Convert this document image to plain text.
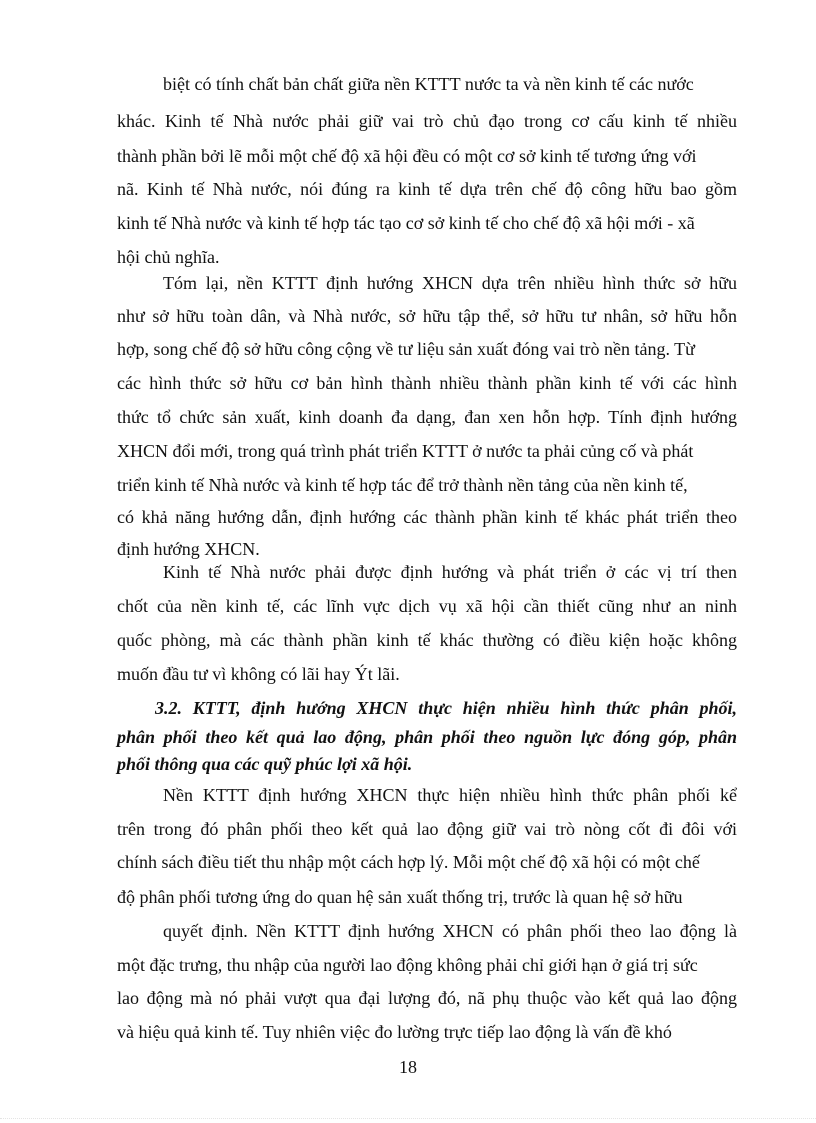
biệt có tính chất bản chất giữa nền KTTT nước ta và nền kinh tế các nước
khác. Kinh tế Nhà nước phải giữ vai trò chủ đạo trong cơ cấu kinh tế nhiều
thành phần bởi lẽ mỗi một chế độ xã hội đều có một cơ sở kinh tế tương ứng với
nã. Kinh tế Nhà nước, nói đúng ra kinh tế dựa trên chế độ công hữu bao gồm
kinh tế Nhà nước và kinh tế hợp tác tạo cơ sở kinh tế cho chế độ xã hội mới - xã
hội chủ nghĩa.
Tóm lại, nền KTTT định hướng XHCN dựa trên nhiều hình thức sở hữu
như sở hữu toàn dân, và Nhà nước, sở hữu tập thể, sở hữu tư nhân, sở hữu hỗn
hợp, song chế độ sở hữu công cộng về tư liệu sản xuất đóng vai trò nền tảng. Từ
các hình thức sở hữu cơ bản hình thành nhiều thành phần kinh tế với các hình
thức tổ chức sản xuất, kinh doanh đa dạng, đan xen hỗn hợp. Tính định hướng
XHCN đổi mới, trong quá trình phát triển KTTT ở nước ta phải củng cố và phát
triển kinh tế Nhà nước và kinh tế hợp tác để trở thành nền tảng của nền kinh tế,
có khả năng hướng dẫn, định hướng các thành phần kinh tế khác phát triển theo
định hướng XHCN.
Kinh tế Nhà nước phải được định hướng và phát triển ở các vị trí then
chốt của nền kinh tế, các lĩnh vực dịch vụ xã hội cần thiết cũng như an ninh
quốc phòng, mà các thành phần kinh tế khác thường có điều kiện hoặc không
muốn đầu tư vì không có lãi hay Ýt lãi.
3.2. KTTT, định hướng XHCN thực hiện nhiều hình thức phân phối,
phân phối theo kết quả lao động, phân phối theo nguồn lực đóng góp, phân
phối thông qua các quỹ phúc lợi xã hội.
Nền KTTT định hướng XHCN thực hiện nhiều hình thức phân phối kể
trên trong đó phân phối theo kết quả lao động giữ vai trò nòng cốt đi đôi với
chính sách điều tiết thu nhập một cách hợp lý. Mỗi một chế độ xã hội có một chế
độ phân phối tương ứng do quan hệ sản xuất thống trị, trước là quan hệ sở hữu
quyết định. Nền KTTT định hướng XHCN có phân phối theo lao động là
một đặc trưng, thu nhập của người lao động không phải chỉ giới hạn ở giá trị sức
lao động mà nó phải vượt qua đại lượng đó, nã phụ thuộc vào kết quả lao động
và hiệu quả kinh tế. Tuy nhiên việc đo lường trực tiếp lao động là vấn đề khó
18
